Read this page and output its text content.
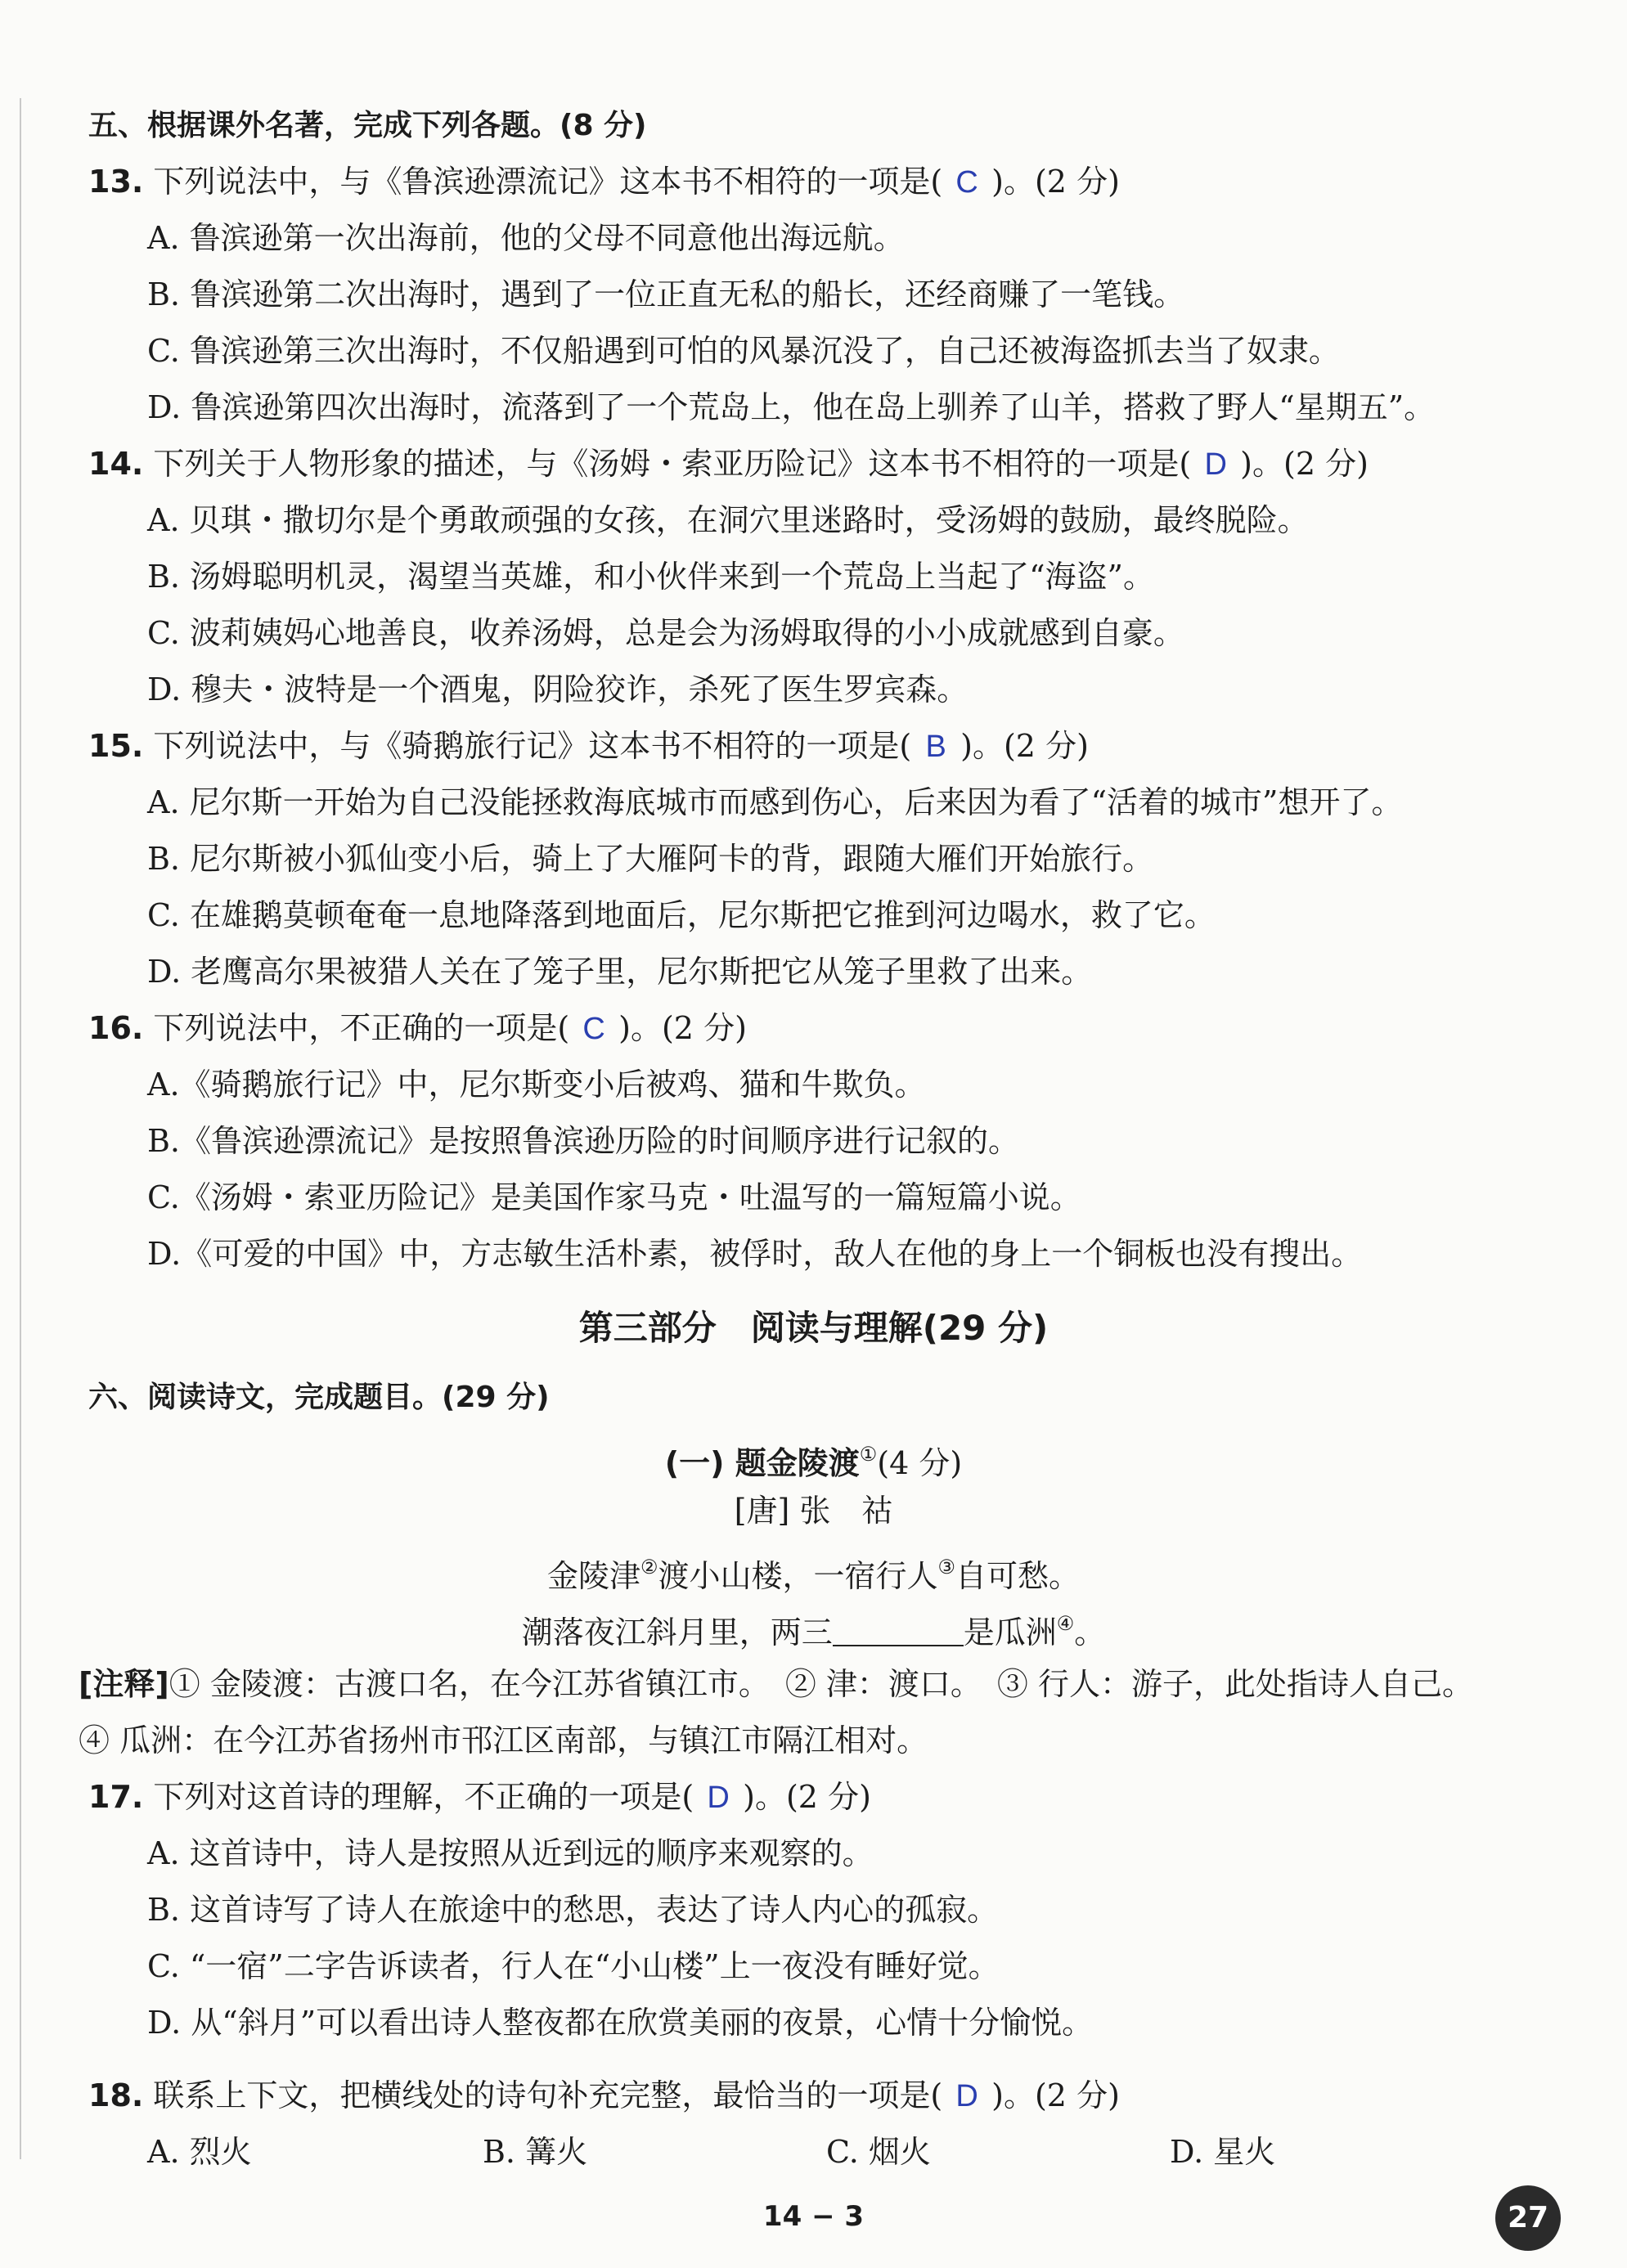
五、根据课外名著，完成下列各题。(8 分)
13. 下列说法中，与《鲁滨逊漂流记》这本书不相符的一项是( C )。(2 分)
A. 鲁滨逊第一次出海前，他的父母不同意他出海远航。
B. 鲁滨逊第二次出海时，遇到了一位正直无私的船长，还经商赚了一笔钱。
C. 鲁滨逊第三次出海时，不仅船遇到可怕的风暴沉没了，自己还被海盗抓去当了奴隶。
D. 鲁滨逊第四次出海时，流落到了一个荒岛上，他在岛上驯养了山羊，搭救了野人“星期五”。
14. 下列关于人物形象的描述，与《汤姆・索亚历险记》这本书不相符的一项是( D )。(2 分)
A. 贝琪・撒切尔是个勇敢顽强的女孩，在洞穴里迷路时，受汤姆的鼓励，最终脱险。
B. 汤姆聪明机灵，渴望当英雄，和小伙伴来到一个荒岛上当起了“海盗”。
C. 波莉姨妈心地善良，收养汤姆，总是会为汤姆取得的小小成就感到自豪。
D. 穆夫・波特是一个酒鬼，阴险狡诈，杀死了医生罗宾森。
15. 下列说法中，与《骑鹅旅行记》这本书不相符的一项是( B )。(2 分)
A. 尼尔斯一开始为自己没能拯救海底城市而感到伤心，后来因为看了“活着的城市”想开了。
B. 尼尔斯被小狐仙变小后，骑上了大雁阿卡的背，跟随大雁们开始旅行。
C. 在雄鹅莫顿奄奄一息地降落到地面后，尼尔斯把它推到河边喝水，救了它。
D. 老鹰高尔果被猎人关在了笼子里，尼尔斯把它从笼子里救了出来。
16. 下列说法中，不正确的一项是( C )。(2 分)
A.《骑鹅旅行记》中，尼尔斯变小后被鸡、猫和牛欺负。
B.《鲁滨逊漂流记》是按照鲁滨逊历险的时间顺序进行记叙的。
C.《汤姆・索亚历险记》是美国作家马克・吐温写的一篇短篇小说。
D.《可爱的中国》中，方志敏生活朴素，被俘时，敌人在他的身上一个铜板也没有搜出。
第三部分　阅读与理解(29 分)
六、阅读诗文，完成题目。(29 分)
(一) 题金陵渡①(4 分)
[唐] 张　祜
金陵津②渡小山楼，一宿行人③自可愁。
潮落夜江斜月里，两三	是瓜洲④。
[注释]① 金陵渡：古渡口名，在今江苏省镇江市。　② 津：渡口。　③ 行人：游子，此处指诗人自己。
④ 瓜洲：在今江苏省扬州市邗江区南部，与镇江市隔江相对。
17. 下列对这首诗的理解，不正确的一项是( D )。(2 分)
A. 这首诗中，诗人是按照从近到远的顺序来观察的。
B. 这首诗写了诗人在旅途中的愁思，表达了诗人内心的孤寂。
C. “一宿”二字告诉读者，行人在“小山楼”上一夜没有睡好觉。
D. 从“斜月”可以看出诗人整夜都在欣赏美丽的夜景，心情十分愉悦。
18. 联系上下文，把横线处的诗句补充完整，最恰当的一项是( D )。(2 分)
A. 烈火	B. 篝火	C. 烟火	D. 星火
14 − 3	27
